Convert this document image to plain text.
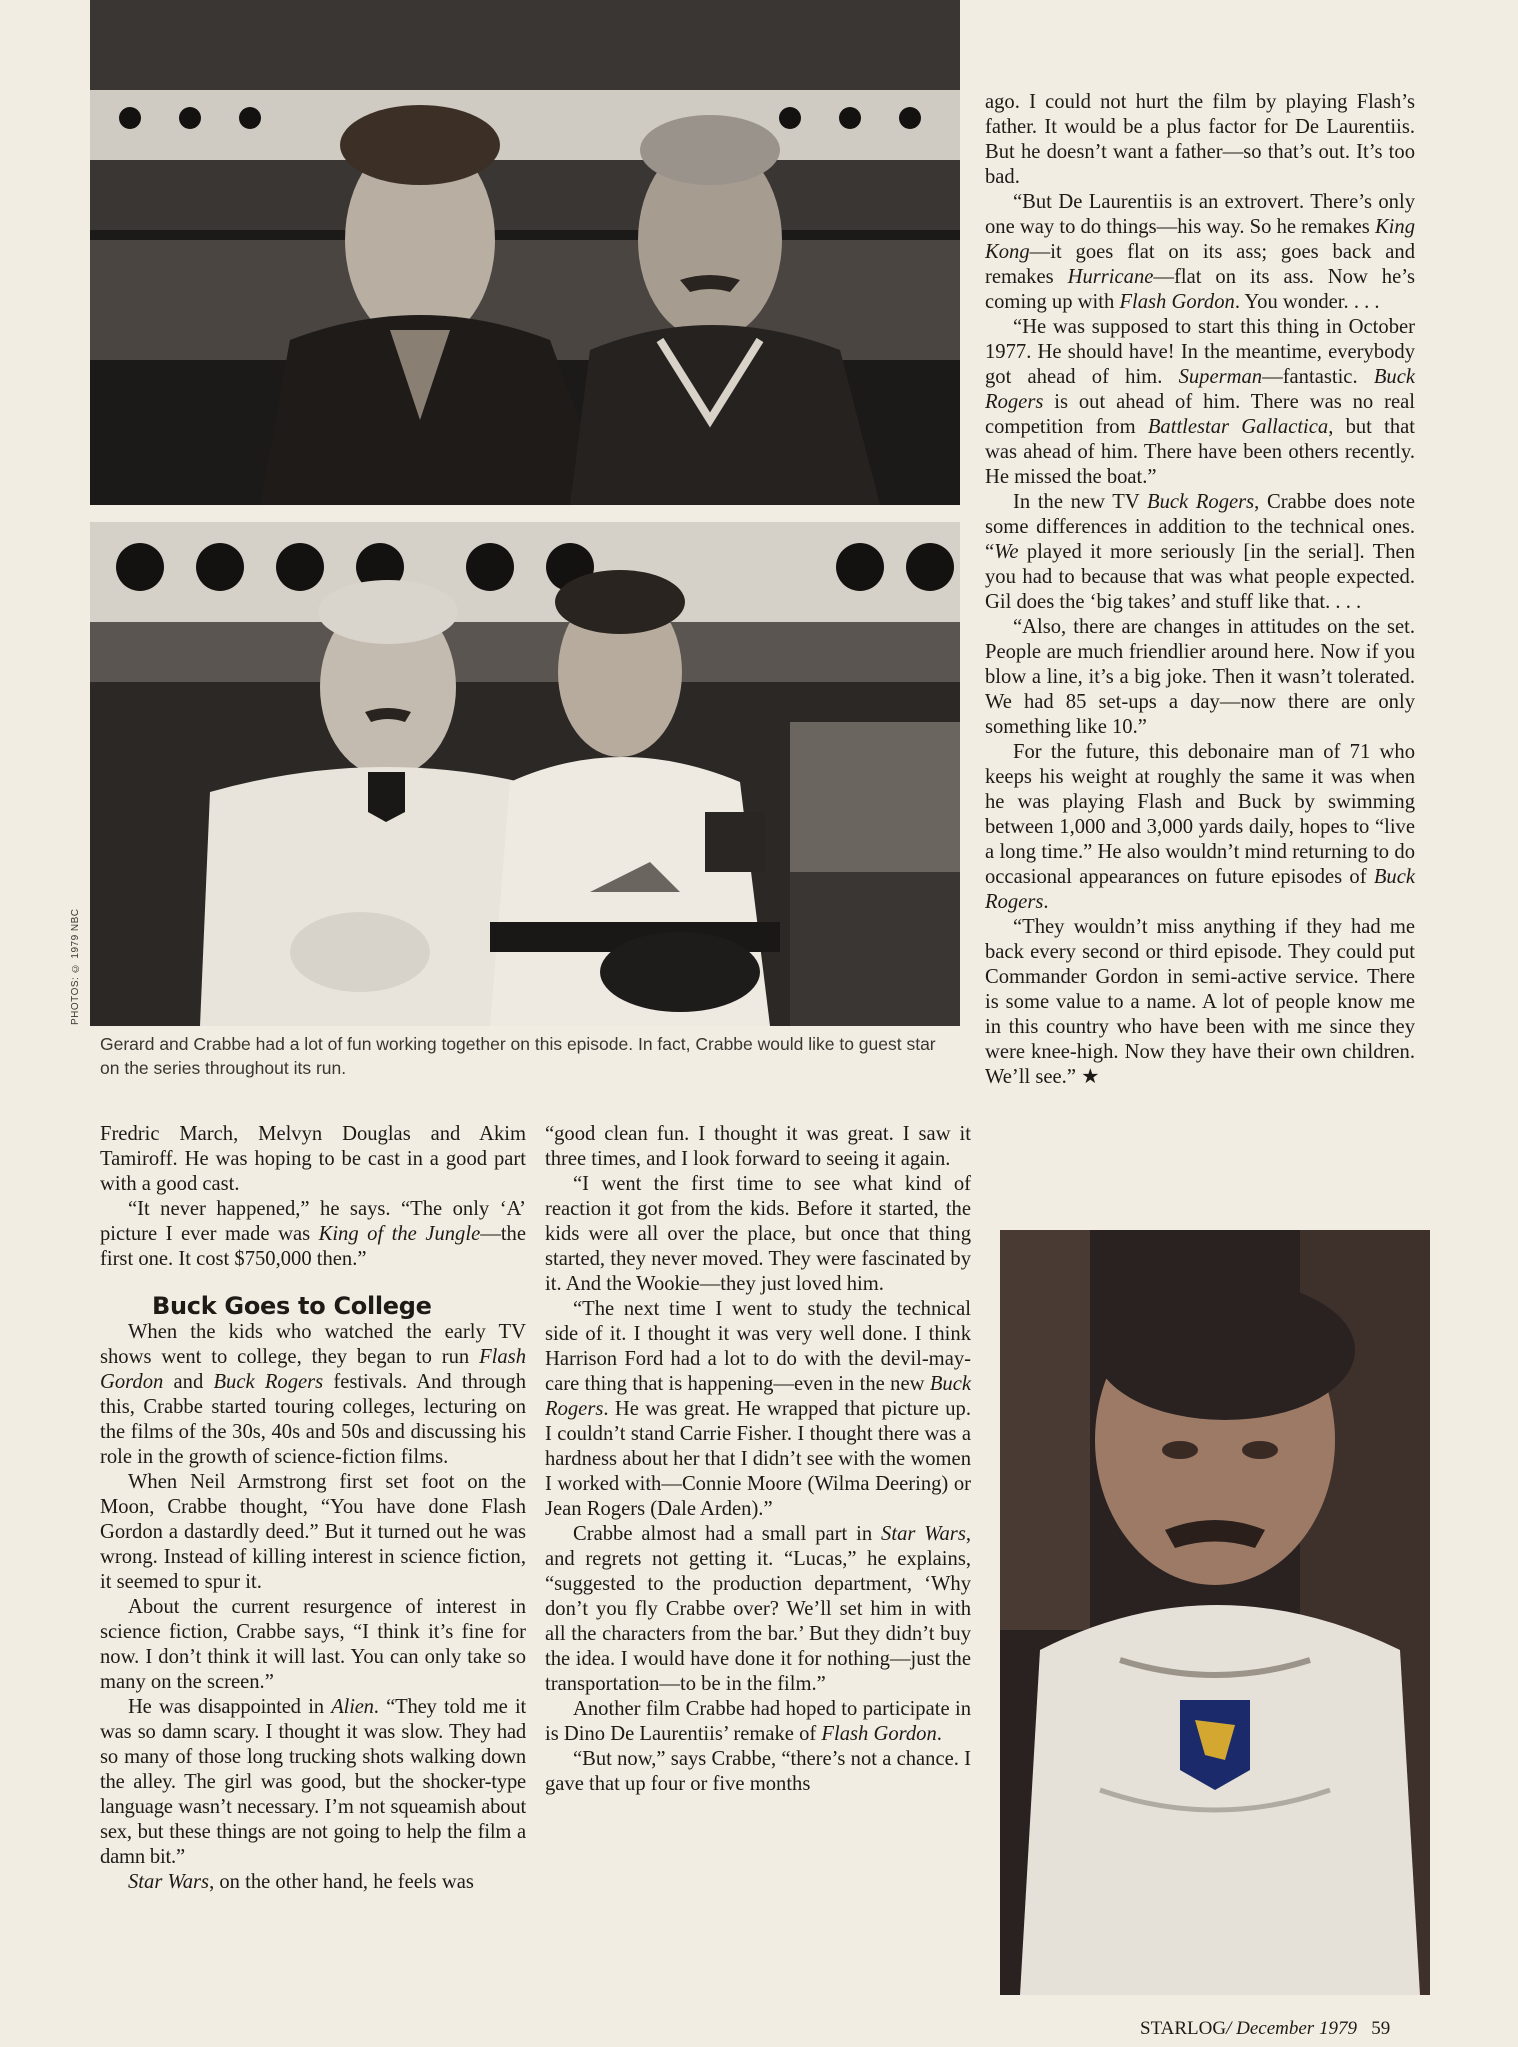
PHOTOS: © 1979 NBC
Gerard and Crabbe had a lot of fun working together on this episode. In fact, Crabbe would like to guest star on the series throughout its run.

Fredric March, Melvyn Douglas and Akim Tamiroff. He was hoping to be cast in a good part with a good cast.

“It never happened,” he says. “The only ‘A’ picture I ever made was King of the Jungle—the first one. It cost $750,000 then.”

Buck Goes to College

When the kids who watched the early TV shows went to college, they began to run Flash Gordon and Buck Rogers festivals. And through this, Crabbe started touring colleges, lecturing on the films of the 30s, 40s and 50s and discussing his role in the growth of science-fiction films.

When Neil Armstrong first set foot on the Moon, Crabbe thought, “You have done Flash Gordon a dastardly deed.” But it turned out he was wrong. Instead of killing interest in science fiction, it seemed to spur it.

About the current resurgence of interest in science fiction, Crabbe says, “I think it’s fine for now. I don’t think it will last. You can only take so many on the screen.”

He was disappointed in Alien. “They told me it was so damn scary. I thought it was slow. They had so many of those long trucking shots walking down the alley. The girl was good, but the shocker-type language wasn’t necessary. I’m not squeamish about sex, but these things are not going to help the film a damn bit.”

Star Wars, on the other hand, he feels was

“good clean fun. I thought it was great. I saw it three times, and I look forward to seeing it again.

“I went the first time to see what kind of reaction it got from the kids. Before it started, the kids were all over the place, but once that thing started, they never moved. They were fascinated by it. And the Wookie—they just loved him.

“The next time I went to study the technical side of it. I thought it was very well done. I think Harrison Ford had a lot to do with the devil-may-care thing that is happening—even in the new Buck Rogers. He was great. He wrapped that picture up. I couldn’t stand Carrie Fisher. I thought there was a hardness about her that I didn’t see with the women I worked with—Connie Moore (Wilma Deering) or Jean Rogers (Dale Arden).”

Crabbe almost had a small part in Star Wars, and regrets not getting it. “Lucas,” he explains, “suggested to the production department, ‘Why don’t you fly Crabbe over? We’ll set him in with all the characters from the bar.’ But they didn’t buy the idea. I would have done it for nothing—just the transportation—to be in the film.”

Another film Crabbe had hoped to participate in is Dino De Laurentiis’ remake of Flash Gordon.

“But now,” says Crabbe, “there’s not a chance. I gave that up four or five months

ago. I could not hurt the film by playing Flash’s father. It would be a plus factor for De Laurentiis. But he doesn’t want a father—so that’s out. It’s too bad.

“But De Laurentiis is an extrovert. There’s only one way to do things—his way. So he remakes King Kong—it goes flat on its ass; goes back and remakes Hurricane—flat on its ass. Now he’s coming up with Flash Gordon. You wonder. . . .

“He was supposed to start this thing in October 1977. He should have! In the meantime, everybody got ahead of him. Superman—fantastic. Buck Rogers is out ahead of him. There was no real competition from Battlestar Gallactica, but that was ahead of him. There have been others recently. He missed the boat.”

In the new TV Buck Rogers, Crabbe does note some differences in addition to the technical ones. “We played it more seriously [in the serial]. Then you had to because that was what people expected. Gil does the ‘big takes’ and stuff like that. . . .

“Also, there are changes in attitudes on the set. People are much friendlier around here. Now if you blow a line, it’s a big joke. Then it wasn’t tolerated. We had 85 set-ups a day—now there are only something like 10.”

For the future, this debonaire man of 71 who keeps his weight at roughly the same it was when he was playing Flash and Buck by swimming between 1,000 and 3,000 yards daily, hopes to “live a long time.” He also wouldn’t mind returning to do occasional appearances on future episodes of Buck Rogers.

“They wouldn’t miss anything if they had me back every second or third episode. They could put Commander Gordon in semi-active service. There is some value to a name. A lot of people know me in this country who have been with me since they were knee-high. Now they have their own children. We’ll see.” ★

STARLOG/ December 1979 59
